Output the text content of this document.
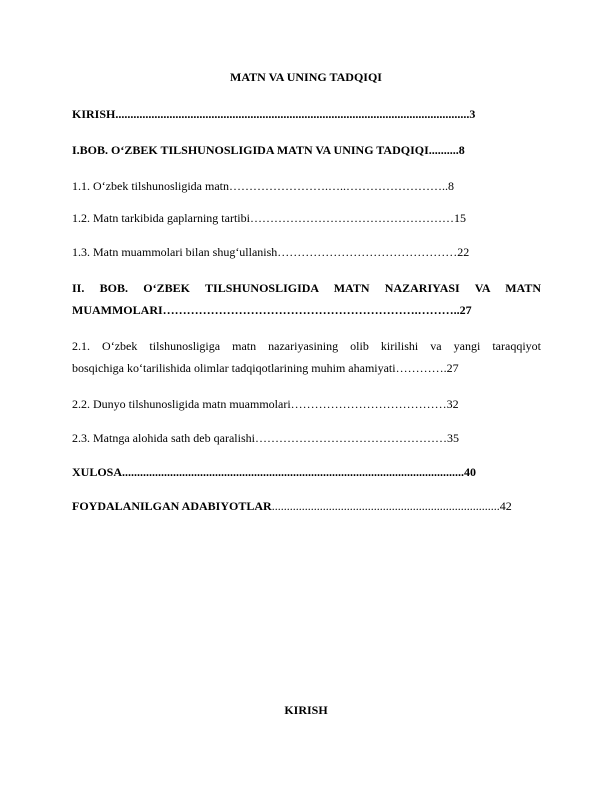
MATN VA UNING TADQIQI
KIRISH......................................................................................................................3
I.BOB. O‘ZBEK TILSHUNOSLIGIDA MATN VA UNING TADQIQI..........8
1.1. O‘zbek tilshunosligida matn…………………….…..……………………..8
1.2. Matn tarkibida gaplarning tartibi……………………………………………15
1.3. Matn muammolari bilan shug‘ullanish………………………………………22
II. BOB. O‘ZBEK TILSHUNOSLIGIDA MATN NAZARIYASI VA MATN
MUAMMOLARI……………………………………………………….………..27
2.1. O‘zbek tilshunosligiga matn nazariyasining olib kirilishi va yangi taraqqiyot
bosqichiga ko‘tarilishida olimlar tadqiqotlarining muhim ahamiyati………….27
2.2. Dunyo tilshunosligida matn muammolari…………………………………32
2.3. Matnga alohida sath deb qaralishi…………………………………………35
XULOSA..................................................................................................................40
FOYDALANILGAN ADABIYOTLAR............................................................................42
KIRISH
